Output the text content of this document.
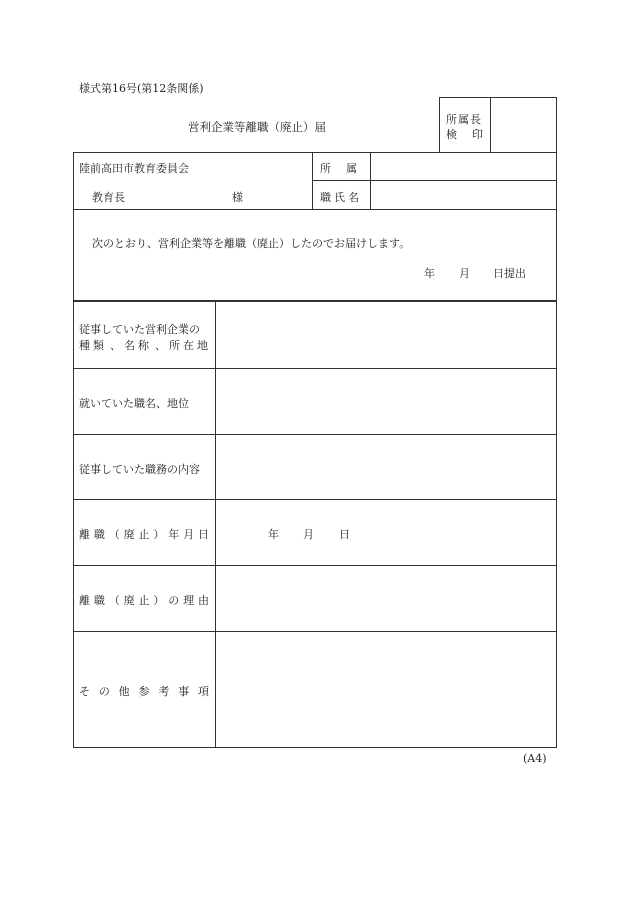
様式第16号(第12条関係)
所属長
検 印
営利企業等離職（廃止）届
陸前高田市教育委員会
教育長	様
所　属
職氏名
次のとおり、営利企業等を離職（廃止）したのでお届けします。
年 月 日提出
従事していた営利企業の
種類 、 名称 、 所在地
就いていた職名、地位
従事していた職務の内容
離 職 （ 廃 止 ） 年 月 日	年 月 日
離 職 （ 廃 止 ） の 理 由
そ の 他 参 考 事 項
(A4)
